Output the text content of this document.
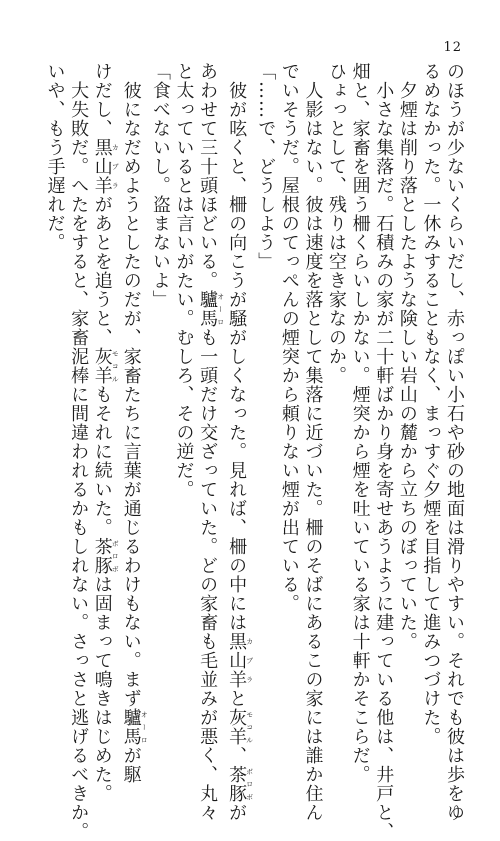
12
のほうが少ないくらいだし、赤っぽい小石や砂の地面は滑りやすい。それでも彼は歩をゆ
るめなかった。一休みすることもなく、まっすぐ夕煙を目指して進みつづけた。
　夕煙は削り落としたような険しい岩山の麓から立ちのぼっていた。
　小さな集落だ。石積みの家が二十軒ばかり身を寄せあうように建っている他は、井戸と、
畑と、家畜を囲う柵くらいしかない。煙突から煙を吐いている家は十軒かそこらだ。
ひょっとして、残りは空き家なのか。
　人影はない。彼は速度を落として集落に近づいた。柵のそばにあるこの家には誰か住ん
でいそうだ。屋根のてっぺんの煙突から頼りない煙が出ている。
「……で、どうしよう」
　彼が呟くと、柵の向こうが騒がしくなった。見れば、柵の中には黒山羊カブラと灰羊モコル、茶豚ボロボが
あわせて三十頭ほどいる。驢馬オーロも一頭だけ交ざっていた。どの家畜も毛並みが悪く、丸々
と太っているとは言いがたい。むしろ、その逆だ。
「食べないし。盗まないよ」
　彼になだめようとしたのだが、家畜たちに言葉が通じるわけもない。まず驢馬オーロが駆
けだし、黒山羊カブラがあとを追うと、灰羊モコルもそれに続いた。茶豚ボロボは固まって鳴きはじめた。
　大失敗だ。へたをすると、家畜泥棒に間違われるかもしれない。さっさと逃げるべきか。
いや、もう手遅れだ。
